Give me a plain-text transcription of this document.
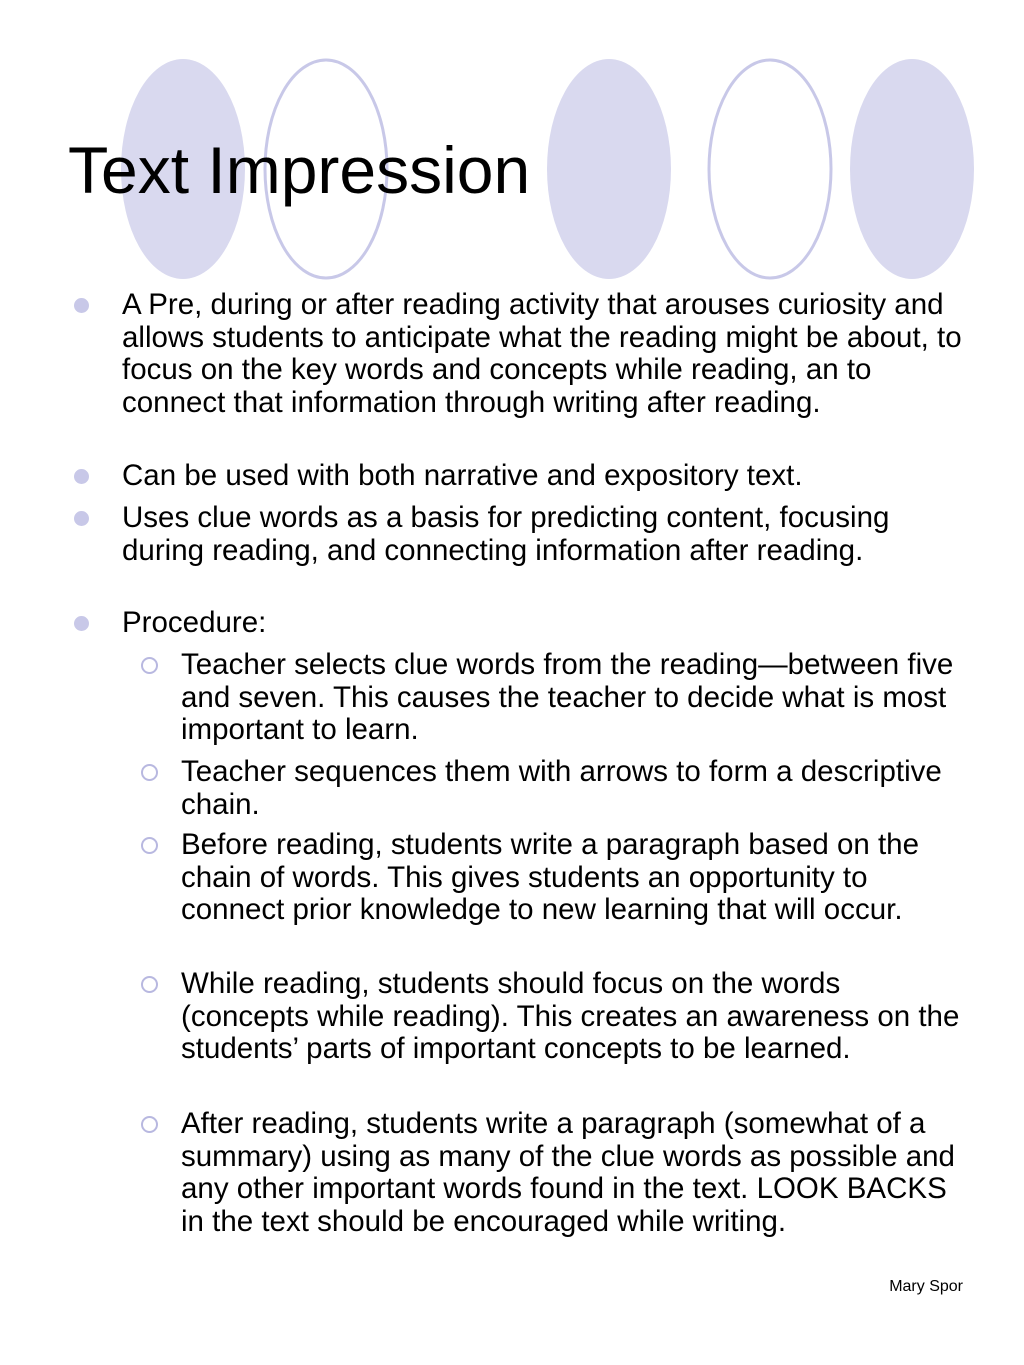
Text Impression
A Pre, during or after reading activity that arouses curiosity and allows students to anticipate what the reading might be about, to focus on the key words and concepts while reading, an to connect that information through writing after reading.
Can be used with both narrative and expository text.
Uses clue words as a basis for predicting content, focusing during reading, and connecting information after reading.
Procedure:
Teacher selects clue words from the reading—between five and seven. This causes the teacher to decide what is most important to learn.
Teacher sequences them with arrows to form a descriptive chain.
Before reading, students write a paragraph based on the chain of words. This gives students an opportunity to connect prior knowledge to new learning that will occur.
While reading, students should focus on the words (concepts while reading). This creates an awareness on the students’ parts of important concepts to be learned.
After reading, students write a paragraph (somewhat of a summary) using as many of the clue words as possible and any other important words found in the text. LOOK BACKS in the text should be encouraged while writing.
Mary Spor
